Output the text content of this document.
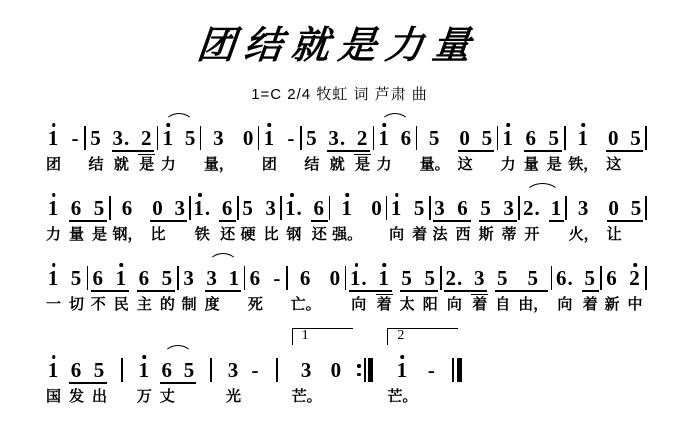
团结就是力量
1=C 2/4 牧虹 词 芦肃 曲
1
团
- 5
结
3.
就
2
是
1
力
5 3
量，
0 1
团
- 5
结
3.
就
2
是
1
力
6 5
量。
0
这
5 1
力
6
量
5
是
1
铁，
0
这
5
1
力
6
量
5
是
6
钢，
0
比
3 1.
铁
6
还
5
硬
3
比
1.
钢
6
还
1
强。
0 1
向
5
着
3
法
6
西
5
斯
3
蒂
2.
开
1 3
火，
0
让
5
1
一
5
切
6
不
1
民
6
主
5
的
3
制
3
度
1 6
死
- 6
亡。
0 1.
向
1
着
5
太
5
阳
2.
向
3
着
5
自
5
由，
6.
向
5
着
6
新
2
中
1
国
6
发
5
出
1
万
6
丈
5 3
光
-
1
3
芒。
0
2
1
芒。
-
